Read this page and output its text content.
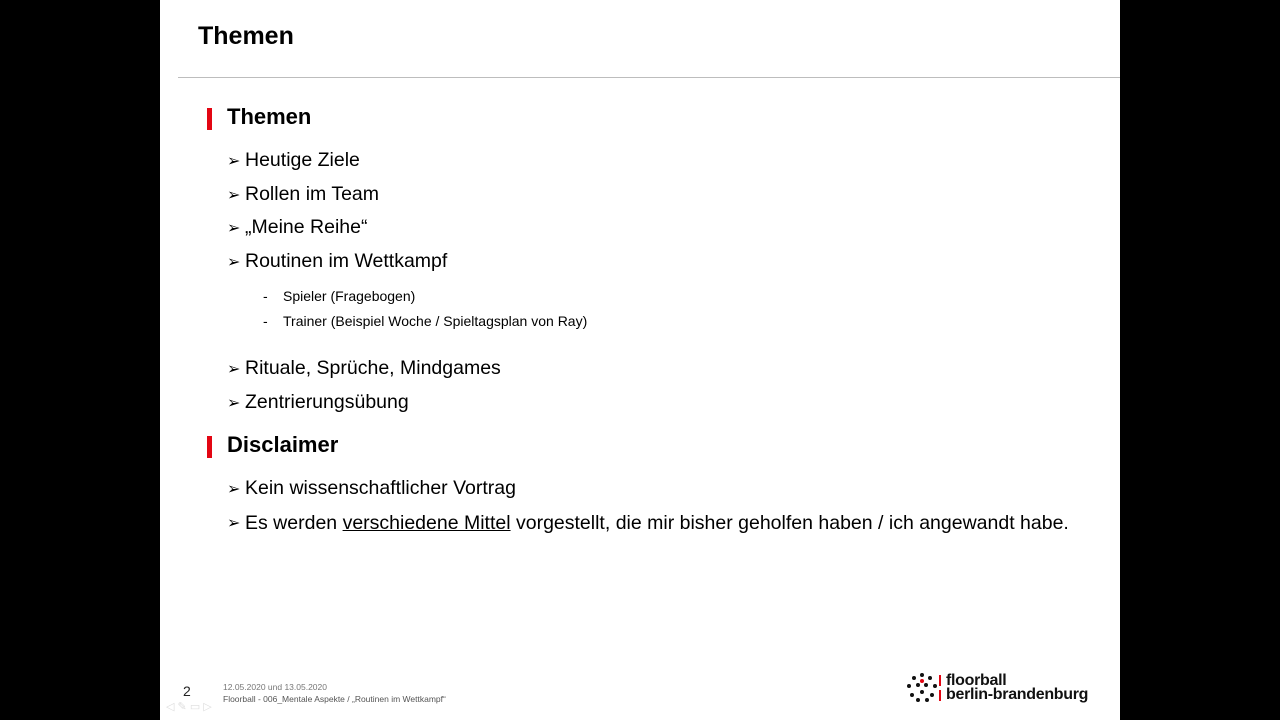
Themen
Themen
➢ Heutige Ziele
➢ Rollen im Team
➢ „Meine Reihe“
➢ Routinen im Wettkampf
- Spieler (Fragebogen)
- Trainer (Beispiel Woche / Spieltagsplan von Ray)
➢ Rituale, Sprüche, Mindgames
➢ Zentrierungsübung
Disclaimer
➢ Kein wissenschaftlicher Vortrag
➢ Es werden verschiedene Mittel vorgestellt, die mir bisher geholfen haben / ich angewandt habe.
2	12.05.2020 und 13.05.2020
Floorball - 006_Mentale Aspekte / „Routinen im Wettkampf“
floorball
berlin-brandenburg
◁ ✎ ▭ ▷
